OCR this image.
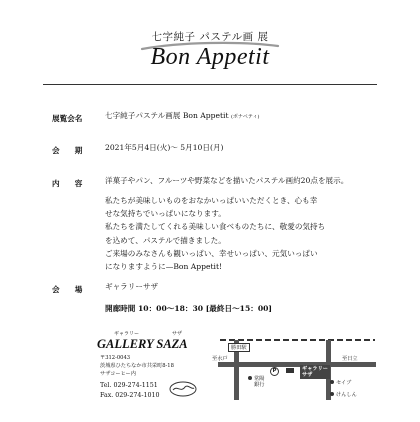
七字純子 パステル画 展
Bon Appetit
展覧会名	七字純子パステル画展 Bon Appetit (ボナペティ)
会　　期	2021年5月4日(火)～ 5月10日(月)
内　　容	洋菓子やパン、フルーツや野菜などを描いたパステル画約20点を展示。
私たちが美味しいものをおなかいっぱいいただくとき、心も幸
せな気持ちでいっぱいになります。
私たちを満たしてくれる美味しい食べものたちに、敬愛の気持ち
を込めて、パステルで描きました。
ご来場のみなさんも観いっぱい、幸せいっぱい、元気いっぱい
になりますように—Bon Appetit!
会　　場	ギャラリーサザ
開廊時間 10：00～18：30 [最終日～15：00]
ギャラリー	サザ
GALLERY SAZA
〒312-0043
茨城県ひたちなか市共栄町8-18
サザコーヒー内
Tel. 029-274-1151
Fax. 029-274-1010
勝田駅
至水戸	至日立
P	ギャラリー
サザ
常陽
銀行	セイブ
けんしん
